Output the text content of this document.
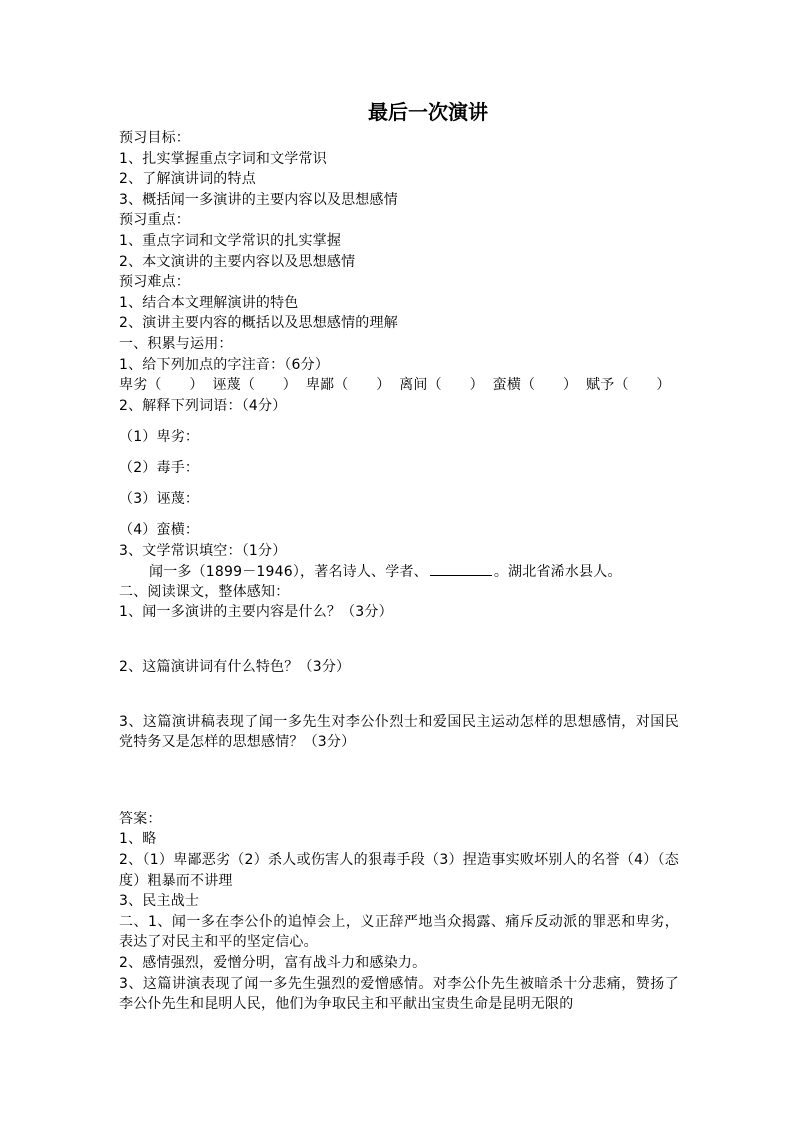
最后一次演讲
预习目标：
1、扎实掌握重点字词和文学常识
2、了解演讲词的特点
3、概括闻一多演讲的主要内容以及思想感情
预习重点：
1、重点字词和文学常识的扎实掌握
2、本文演讲的主要内容以及思想感情
预习难点：
1、结合本文理解演讲的特色
2、演讲主要内容的概括以及思想感情的理解
一、积累与运用：
1、给下列加点的字注音：（6分）
卑劣（　　） 诬蔑（　　） 卑鄙（　　） 离间（　　） 蛮横（　　） 赋予（　　）
2、解释下列词语：（4分）
（1）卑劣：
（2）毒手：
（3）诬蔑：
（4）蛮横：
3、文学常识填空：（1分）
闻一多（1899－1946），著名诗人、学者、	。湖北省浠水县人。
二、阅读课文，整体感知：
1、闻一多演讲的主要内容是什么？（3分）
2、这篇演讲词有什么特色？（3分）
3、这篇演讲稿表现了闻一多先生对李公仆烈士和爱国民主运动怎样的思想感情，对国民党特务又是怎样的思想感情？（3分）
答案：
1、略
2、（1）卑鄙恶劣（2）杀人或伤害人的狠毒手段（3）捏造事实败坏别人的名誉（4）（态度）粗暴而不讲理
3、民主战士
二、1、闻一多在李公仆的追悼会上，义正辞严地当众揭露、痛斥反动派的罪恶和卑劣，表达了对民主和平的坚定信心。
2、感情强烈，爱憎分明，富有战斗力和感染力。
3、这篇讲演表现了闻一多先生强烈的爱憎感情。对李公仆先生被暗杀十分悲痛，赞扬了李公仆先生和昆明人民，他们为争取民主和平献出宝贵生命是昆明无限的
